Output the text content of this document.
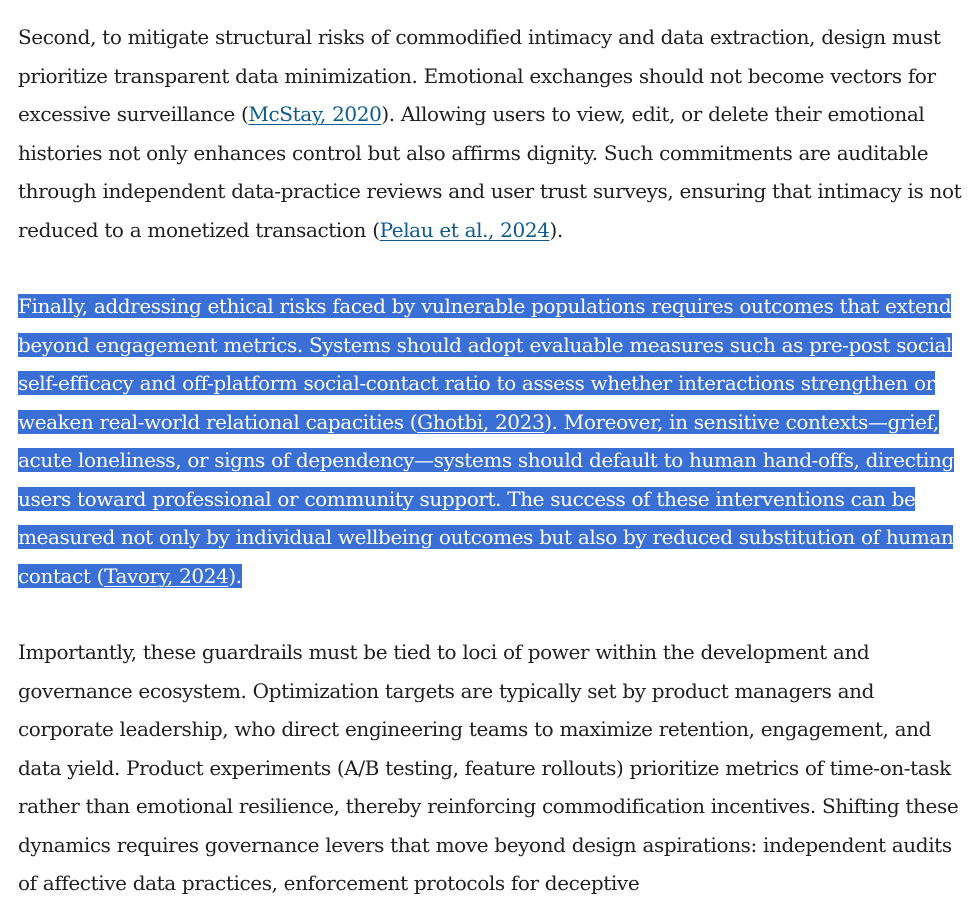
Second, to mitigate structural risks of commodified intimacy and data extraction, design must prioritize transparent data minimization. Emotional exchanges should not become vectors for excessive surveillance (McStay, 2020). Allowing users to view, edit, or delete their emotional histories not only enhances control but also affirms dignity. Such commitments are auditable through independent data-practice reviews and user trust surveys, ensuring that intimacy is not reduced to a monetized transaction (Pelau et al., 2024).

Finally, addressing ethical risks faced by vulnerable populations requires outcomes that extend beyond engagement metrics. Systems should adopt evaluable measures such as pre-post social self-efficacy and off-platform social-contact ratio to assess whether interactions strengthen or weaken real-world relational capacities (Ghotbi, 2023). Moreover, in sensitive contexts—grief, acute loneliness, or signs of dependency—systems should default to human hand-offs, directing users toward professional or community support. The success of these interventions can be measured not only by individual wellbeing outcomes but also by reduced substitution of human contact (Tavory, 2024).

Importantly, these guardrails must be tied to loci of power within the development and governance ecosystem. Optimization targets are typically set by product managers and corporate leadership, who direct engineering teams to maximize retention, engagement, and data yield. Product experiments (A/B testing, feature rollouts) prioritize metrics of time-on-task rather than emotional resilience, thereby reinforcing commodification incentives. Shifting these dynamics requires governance levers that move beyond design aspirations: independent audits of affective data practices, enforcement protocols for deceptive
